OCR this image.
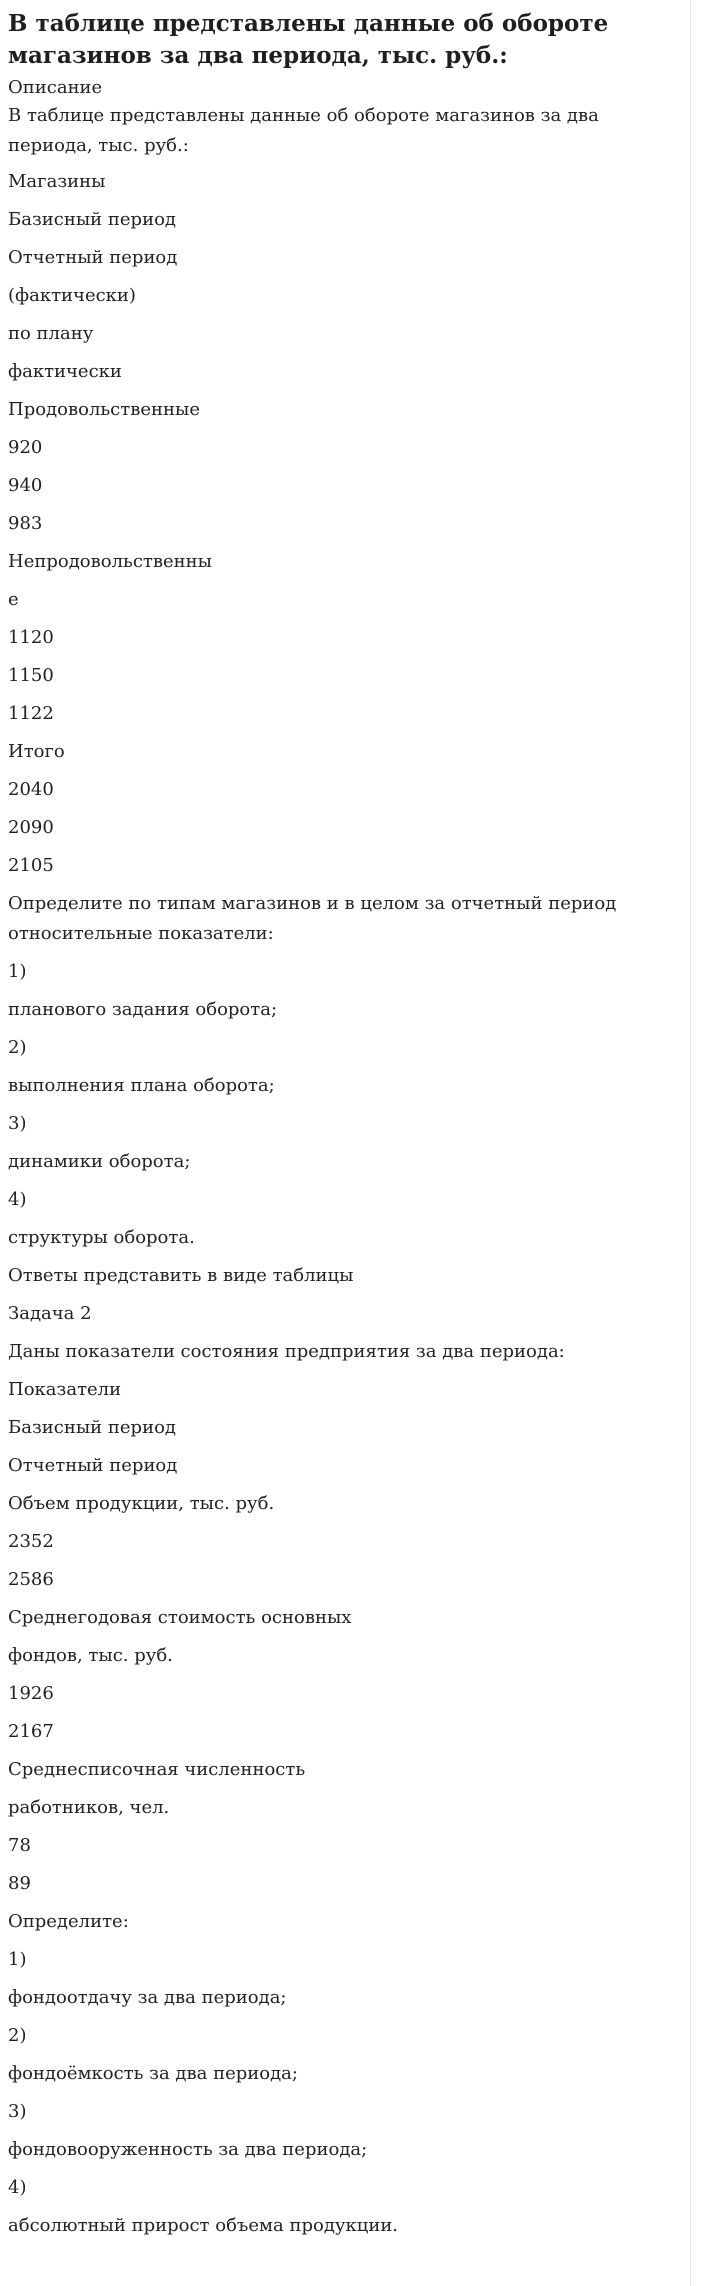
В таблице представлены данные об обороте магазинов за два периода, тыс. руб.:
Описание
В таблице представлены данные об обороте магазинов за два периода, тыс. руб.:
Магазины
Базисный период
Отчетный период
(фактически)
по плану
фактически
Продовольственные
920
940
983
Непродовольственны
е
1120
1150
1122
Итого
2040
2090
2105
Определите по типам магазинов и в целом за отчетный период относительные показатели:
1)
планового задания оборота;
2)
выполнения плана оборота;
3)
динамики оборота;
4)
структуры оборота.
Ответы представить в виде таблицы
Задача 2
Даны показатели состояния предприятия за два периода:
Показатели
Базисный период
Отчетный период
Объем продукции, тыс. руб.
2352
2586
Среднегодовая стоимость основных
фондов, тыс. руб.
1926
2167
Среднесписочная численность
работников, чел.
78
89
Определите:
1)
фондоотдачу за два периода;
2)
фондоёмкость за два периода;
3)
фондовооруженность за два периода;
4)
абсолютный прирост объема продукции.
